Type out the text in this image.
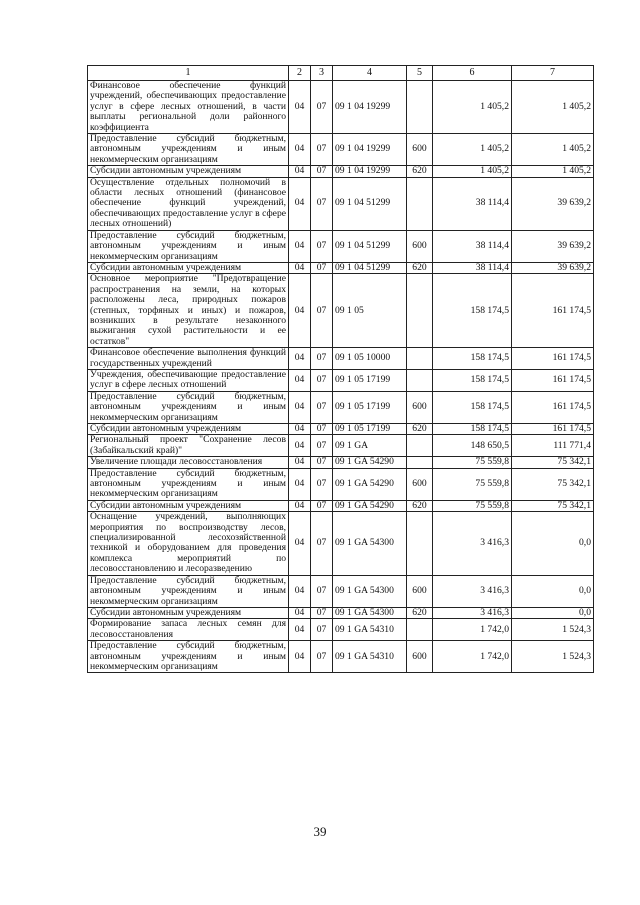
1	2	3	4	5	6	7
Финансовое обеспечение функций учреждений, обеспечивающих предоставление услуг в сфере лесных отношений, в части выплаты региональной доли районного коэффициента	04	07	09 1 04 19299		1 405,2	1 405,2
Предоставление субсидий бюджетным, автономным учреждениям и иным некоммерческим организациям	04	07	09 1 04 19299	600	1 405,2	1 405,2
Субсидии автономным учреждениям	04	07	09 1 04 19299	620	1 405,2	1 405,2
Осуществление отдельных полномочий в области лесных отношений (финансовое обеспечение функций учреждений, обеспечивающих предоставление услуг в сфере лесных отношений)	04	07	09 1 04 51299		38 114,4	39 639,2
Предоставление субсидий бюджетным, автономным учреждениям и иным некоммерческим организациям	04	07	09 1 04 51299	600	38 114,4	39 639,2
Субсидии автономным учреждениям	04	07	09 1 04 51299	620	38 114,4	39 639,2
Основное мероприятие "Предотвращение распространения на земли, на которых расположены леса, природных пожаров (степных, торфяных и иных) и пожаров, возникших в результате незаконного выжигания сухой растительности и ее остатков"	04	07	09 1 05		158 174,5	161 174,5
Финансовое обеспечение выполнения функций государственных учреждений	04	07	09 1 05 10000		158 174,5	161 174,5
Учреждения, обеспечивающие предоставление услуг в сфере лесных отношений	04	07	09 1 05 17199		158 174,5	161 174,5
Предоставление субсидий бюджетным, автономным учреждениям и иным некоммерческим организациям	04	07	09 1 05 17199	600	158 174,5	161 174,5
Субсидии автономным учреждениям	04	07	09 1 05 17199	620	158 174,5	161 174,5
Региональный проект "Сохранение лесов (Забайкальский край)"	04	07	09 1 GA		148 650,5	111 771,4
Увеличение площади лесовосстановления	04	07	09 1 GA 54290		75 559,8	75 342,1
Предоставление субсидий бюджетным, автономным учреждениям и иным некоммерческим организациям	04	07	09 1 GA 54290	600	75 559,8	75 342,1
Субсидии автономным учреждениям	04	07	09 1 GA 54290	620	75 559,8	75 342,1
Оснащение учреждений, выполняющих мероприятия по воспроизводству лесов, специализированной лесохозяйственной техникой и оборудованием для проведения комплекса мероприятий по лесовосстановлению и лесоразведению	04	07	09 1 GA 54300		3 416,3	0,0
Предоставление субсидий бюджетным, автономным учреждениям и иным некоммерческим организациям	04	07	09 1 GA 54300	600	3 416,3	0,0
Субсидии автономным учреждениям	04	07	09 1 GA 54300	620	3 416,3	0,0
Формирование запаса лесных семян для лесовосстановления	04	07	09 1 GA 54310		1 742,0	1 524,3
Предоставление субсидий бюджетным, автономным учреждениям и иным некоммерческим организациям	04	07	09 1 GA 54310	600	1 742,0	1 524,3
39
